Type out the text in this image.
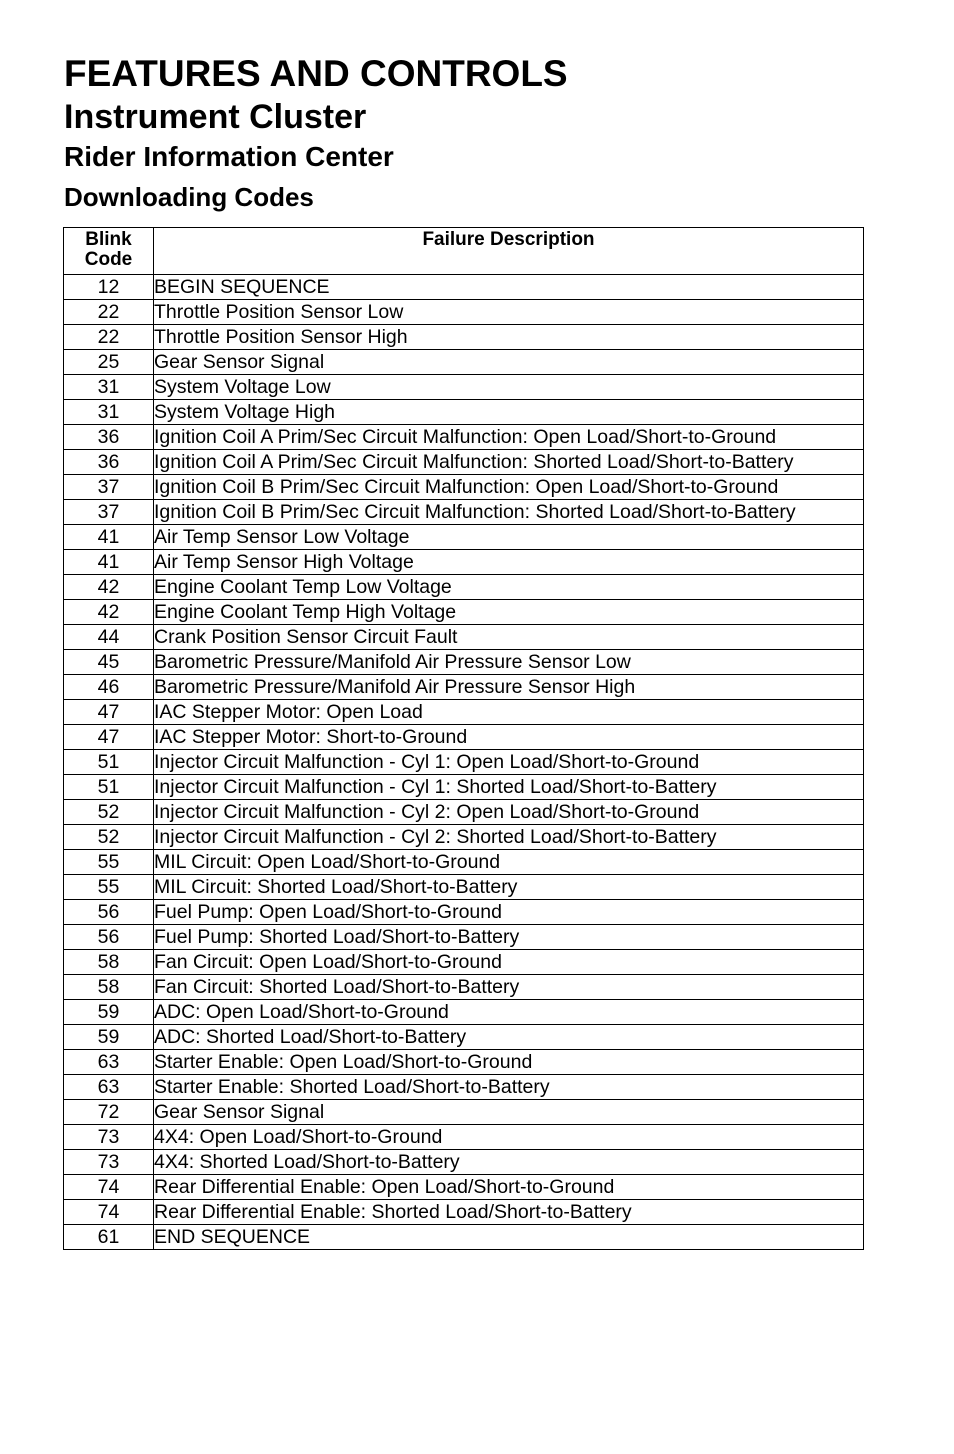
FEATURES AND CONTROLS
Instrument Cluster
Rider Information Center
Downloading Codes
Blink
Code	Failure Description
12	BEGIN SEQUENCE
22	Throttle Position Sensor Low
22	Throttle Position Sensor High
25	Gear Sensor Signal
31	System Voltage Low
31	System Voltage High
36	Ignition Coil A Prim/Sec Circuit Malfunction: Open Load/Short-to-Ground
36	Ignition Coil A Prim/Sec Circuit Malfunction: Shorted Load/Short-to-Battery
37	Ignition Coil B Prim/Sec Circuit Malfunction: Open Load/Short-to-Ground
37	Ignition Coil B Prim/Sec Circuit Malfunction: Shorted Load/Short-to-Battery
41	Air Temp Sensor Low Voltage
41	Air Temp Sensor High Voltage
42	Engine Coolant Temp Low Voltage
42	Engine Coolant Temp High Voltage
44	Crank Position Sensor Circuit Fault
45	Barometric Pressure/Manifold Air Pressure Sensor Low
46	Barometric Pressure/Manifold Air Pressure Sensor High
47	IAC Stepper Motor: Open Load
47	IAC Stepper Motor: Short-to-Ground
51	Injector Circuit Malfunction - Cyl 1: Open Load/Short-to-Ground
51	Injector Circuit Malfunction - Cyl 1: Shorted Load/Short-to-Battery
52	Injector Circuit Malfunction - Cyl 2: Open Load/Short-to-Ground
52	Injector Circuit Malfunction - Cyl 2: Shorted Load/Short-to-Battery
55	MIL Circuit: Open Load/Short-to-Ground
55	MIL Circuit: Shorted Load/Short-to-Battery
56	Fuel Pump: Open Load/Short-to-Ground
56	Fuel Pump: Shorted Load/Short-to-Battery
58	Fan Circuit: Open Load/Short-to-Ground
58	Fan Circuit: Shorted Load/Short-to-Battery
59	ADC: Open Load/Short-to-Ground
59	ADC: Shorted Load/Short-to-Battery
63	Starter Enable: Open Load/Short-to-Ground
63	Starter Enable: Shorted Load/Short-to-Battery
72	Gear Sensor Signal
73	4X4: Open Load/Short-to-Ground
73	4X4: Shorted Load/Short-to-Battery
74	Rear Differential Enable: Open Load/Short-to-Ground
74	Rear Differential Enable: Shorted Load/Short-to-Battery
61	END SEQUENCE
